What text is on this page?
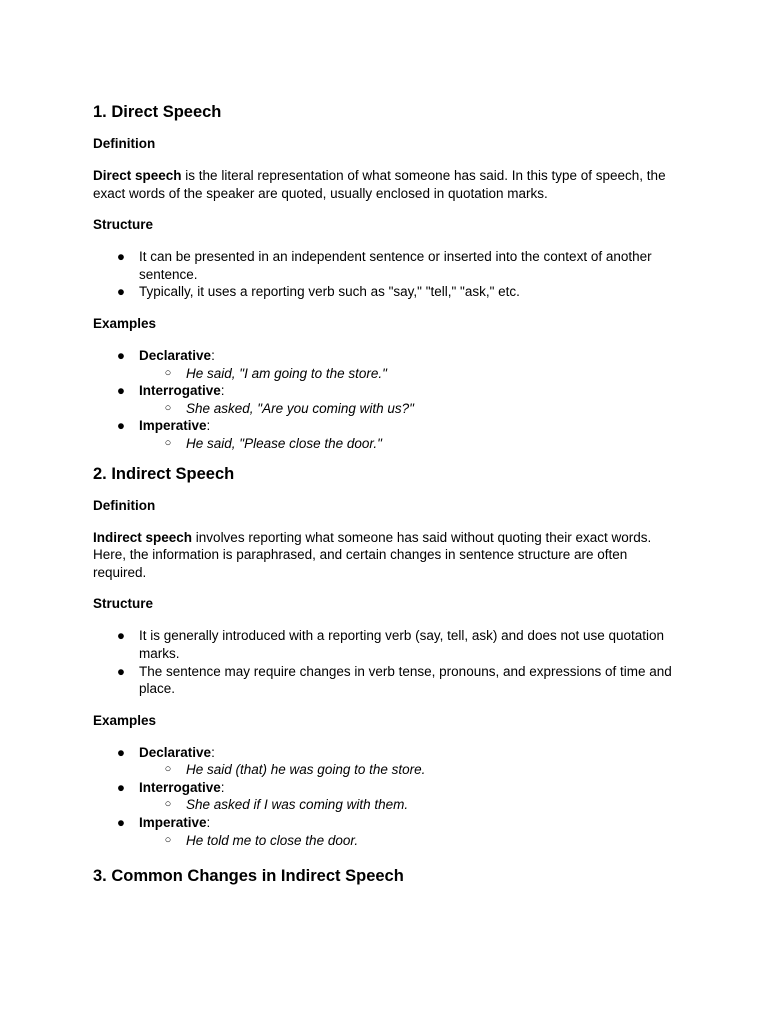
1. Direct Speech
Definition

Direct speech is the literal representation of what someone has said. In this type of speech, the exact words of the speaker are quoted, usually enclosed in quotation marks.

Structure
● It can be presented in an independent sentence or inserted into the context of another sentence.
● Typically, it uses a reporting verb such as "say," "tell," "ask," etc.
Examples
● Declarative:
○ He said, "I am going to the store."
● Interrogative:
○ She asked, "Are you coming with us?"
● Imperative:
○ He said, "Please close the door."
2. Indirect Speech
Definition

Indirect speech involves reporting what someone has said without quoting their exact words. Here, the information is paraphrased, and certain changes in sentence structure are often required.

Structure
● It is generally introduced with a reporting verb (say, tell, ask) and does not use quotation marks.
● The sentence may require changes in verb tense, pronouns, and expressions of time and place.
Examples
● Declarative:
○ He said (that) he was going to the store.
● Interrogative:
○ She asked if I was coming with them.
● Imperative:
○ He told me to close the door.
3. Common Changes in Indirect Speech
